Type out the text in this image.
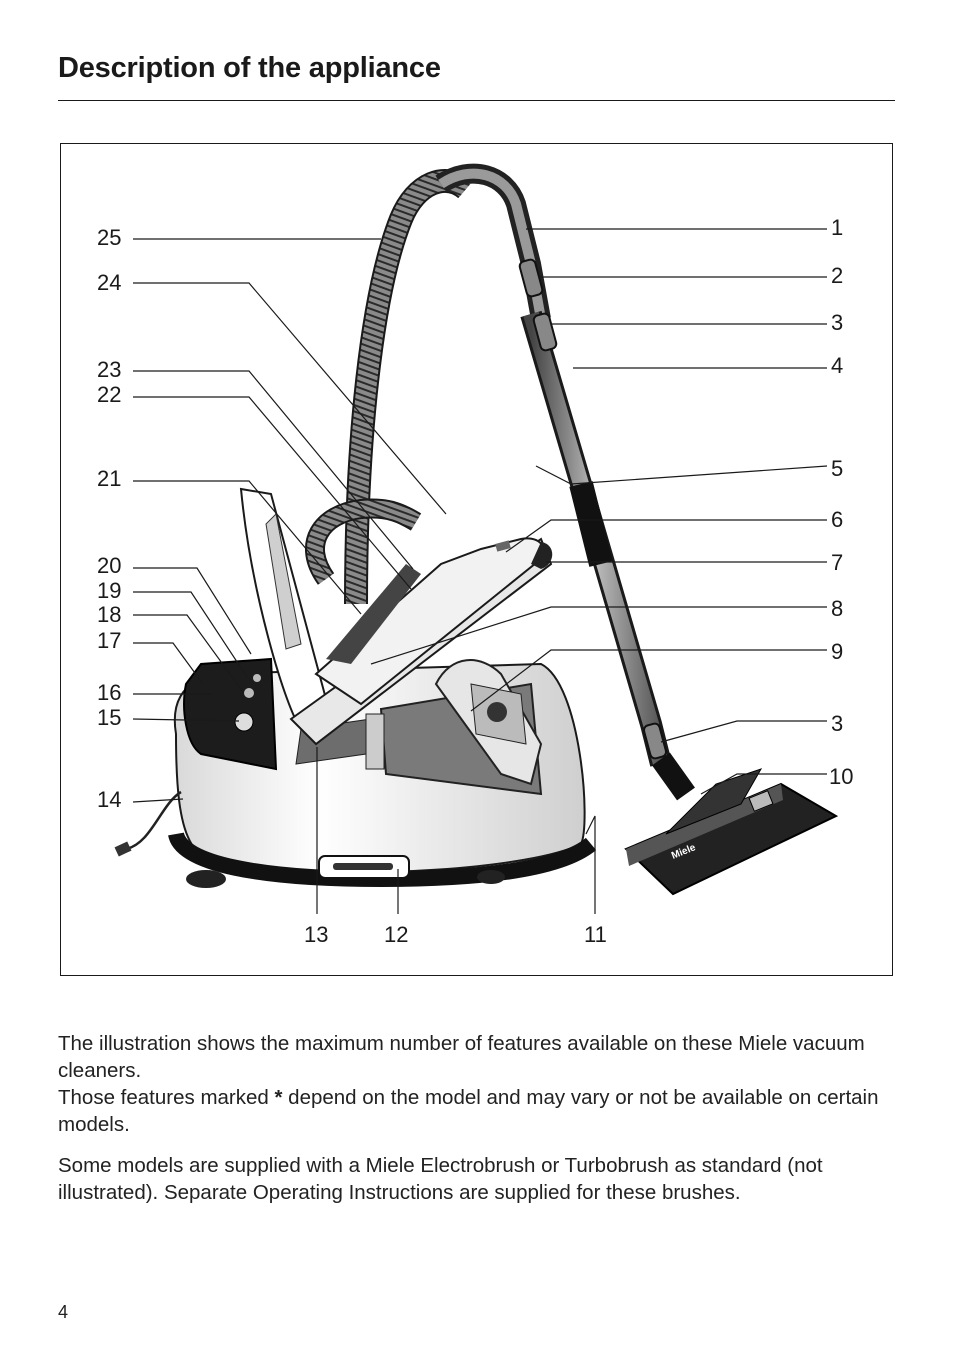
Description of the appliance
Miele
25
24
23
22
21
20
19
18
17
16
15
14
1
2
3
4
5
6
7
8
9
3
10
13	12	11

The illustration shows the maximum number of features available on these Miele vacuum cleaners.

Those features marked * depend on the model and may vary or not be available on certain models.

Some models are supplied with a Miele Electrobrush or Turbobrush as standard (not illustrated). Separate Operating Instructions are supplied for these brushes.

4
